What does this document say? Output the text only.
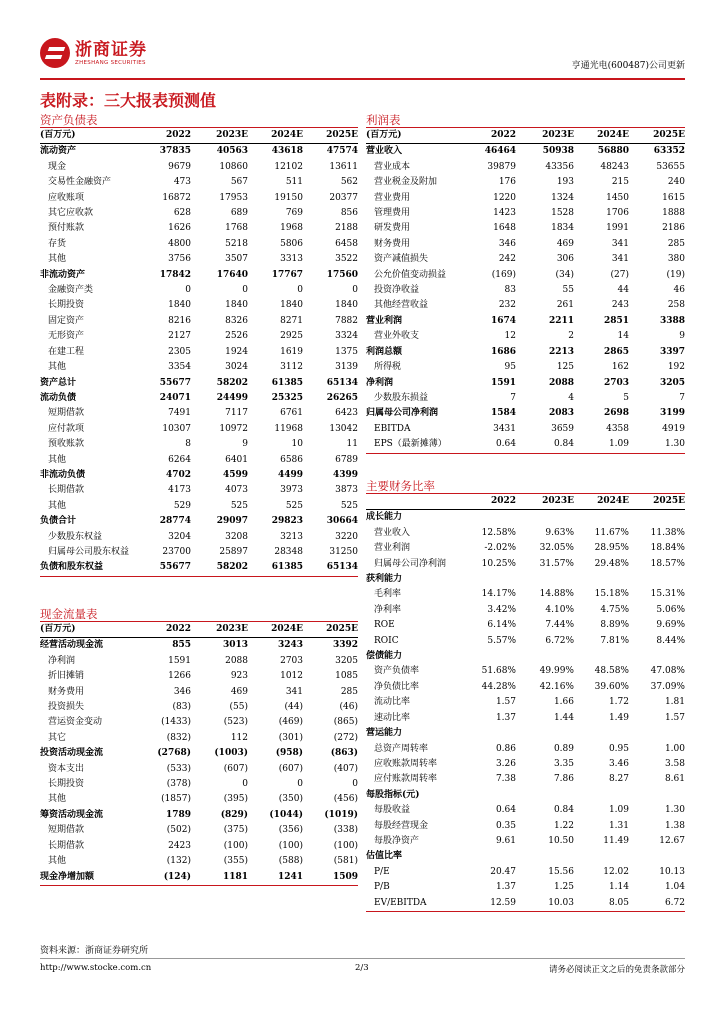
浙商证券
ZHESHANG SECURITIES	亨通光电(600487)公司更新
表附录：三大报表预测值
资产负债表
(百万元)	2022	2023E	2024E	2025E
流动资产	37835	40563	43618	47574
现金	9679	10860	12102	13611
交易性金融资产	473	567	511	562
应收账项	16872	17953	19150	20377
其它应收款	628	689	769	856
预付账款	1626	1768	1968	2188
存货	4800	5218	5806	6458
其他	3756	3507	3313	3522
非流动资产	17842	17640	17767	17560
金融资产类	0	0	0	0
长期投资	1840	1840	1840	1840
固定资产	8216	8326	8271	7882
无形资产	2127	2526	2925	3324
在建工程	2305	1924	1619	1375
其他	3354	3024	3112	3139
资产总计	55677	58202	61385	65134
流动负债	24071	24499	25325	26265
短期借款	7491	7117	6761	6423
应付款项	10307	10972	11968	13042
预收账款	8	9	10	11
其他	6264	6401	6586	6789
非流动负债	4702	4599	4499	4399
长期借款	4173	4073	3973	3873
其他	529	525	525	525
负债合计	28774	29097	29823	30664
少数股东权益	3204	3208	3213	3220
归属母公司股东权益	23700	25897	28348	31250
负债和股东权益	55677	58202	61385	65134
现金流量表
(百万元)	2022	2023E	2024E	2025E
经营活动现金流	855	3013	3243	3392
净利润	1591	2088	2703	3205
折旧摊销	1266	923	1012	1085
财务费用	346	469	341	285
投资损失	(83)	(55)	(44)	(46)
营运资金变动	(1433)	(523)	(469)	(865)
其它	(832)	112	(301)	(272)
投资活动现金流	(2768)	(1003)	(958)	(863)
资本支出	(533)	(607)	(607)	(407)
长期投资	(378)	0	0	0
其他	(1857)	(395)	(350)	(456)
筹资活动现金流	1789	(829)	(1044)	(1019)
短期借款	(502)	(375)	(356)	(338)
长期借款	2423	(100)	(100)	(100)
其他	(132)	(355)	(588)	(581)
现金净增加额	(124)	1181	1241	1509
利润表
(百万元)	2022	2023E	2024E	2025E
营业收入	46464	50938	56880	63352
营业成本	39879	43356	48243	53655
营业税金及附加	176	193	215	240
营业费用	1220	1324	1450	1615
管理费用	1423	1528	1706	1888
研发费用	1648	1834	1991	2186
财务费用	346	469	341	285
资产减值损失	242	306	341	380
公允价值变动损益	(169)	(34)	(27)	(19)
投资净收益	83	55	44	46
其他经营收益	232	261	243	258
营业利润	1674	2211	2851	3388
营业外收支	12	2	14	9
利润总额	1686	2213	2865	3397
所得税	95	125	162	192
净利润	1591	2088	2703	3205
少数股东损益	7	4	5	7
归属母公司净利润	1584	2083	2698	3199
EBITDA	3431	3659	4358	4919
EPS（最新摊薄）	0.64	0.84	1.09	1.30
主要财务比率
	2022	2023E	2024E	2025E
成长能力				
营业收入	12.58%	9.63%	11.67%	11.38%
营业利润	-2.02%	32.05%	28.95%	18.84%
归属母公司净利润	10.25%	31.57%	29.48%	18.57%
获利能力				
毛利率	14.17%	14.88%	15.18%	15.31%
净利率	3.42%	4.10%	4.75%	5.06%
ROE	6.14%	7.44%	8.89%	9.69%
ROIC	5.57%	6.72%	7.81%	8.44%
偿债能力				
资产负债率	51.68%	49.99%	48.58%	47.08%
净负债比率	44.28%	42.16%	39.60%	37.09%
流动比率	1.57	1.66	1.72	1.81
速动比率	1.37	1.44	1.49	1.57
营运能力				
总资产周转率	0.86	0.89	0.95	1.00
应收账款周转率	3.26	3.35	3.46	3.58
应付账款周转率	7.38	7.86	8.27	8.61
每股指标(元)				
每股收益	0.64	0.84	1.09	1.30
每股经营现金	0.35	1.22	1.31	1.38
每股净资产	9.61	10.50	11.49	12.67
估值比率				
P/E	20.47	15.56	12.02	10.13
P/B	1.37	1.25	1.14	1.04
EV/EBITDA	12.59	10.03	8.05	6.72
资料来源：浙商证券研究所
http://www.stocke.com.cn	2/3	请务必阅读正文之后的免责条款部分
